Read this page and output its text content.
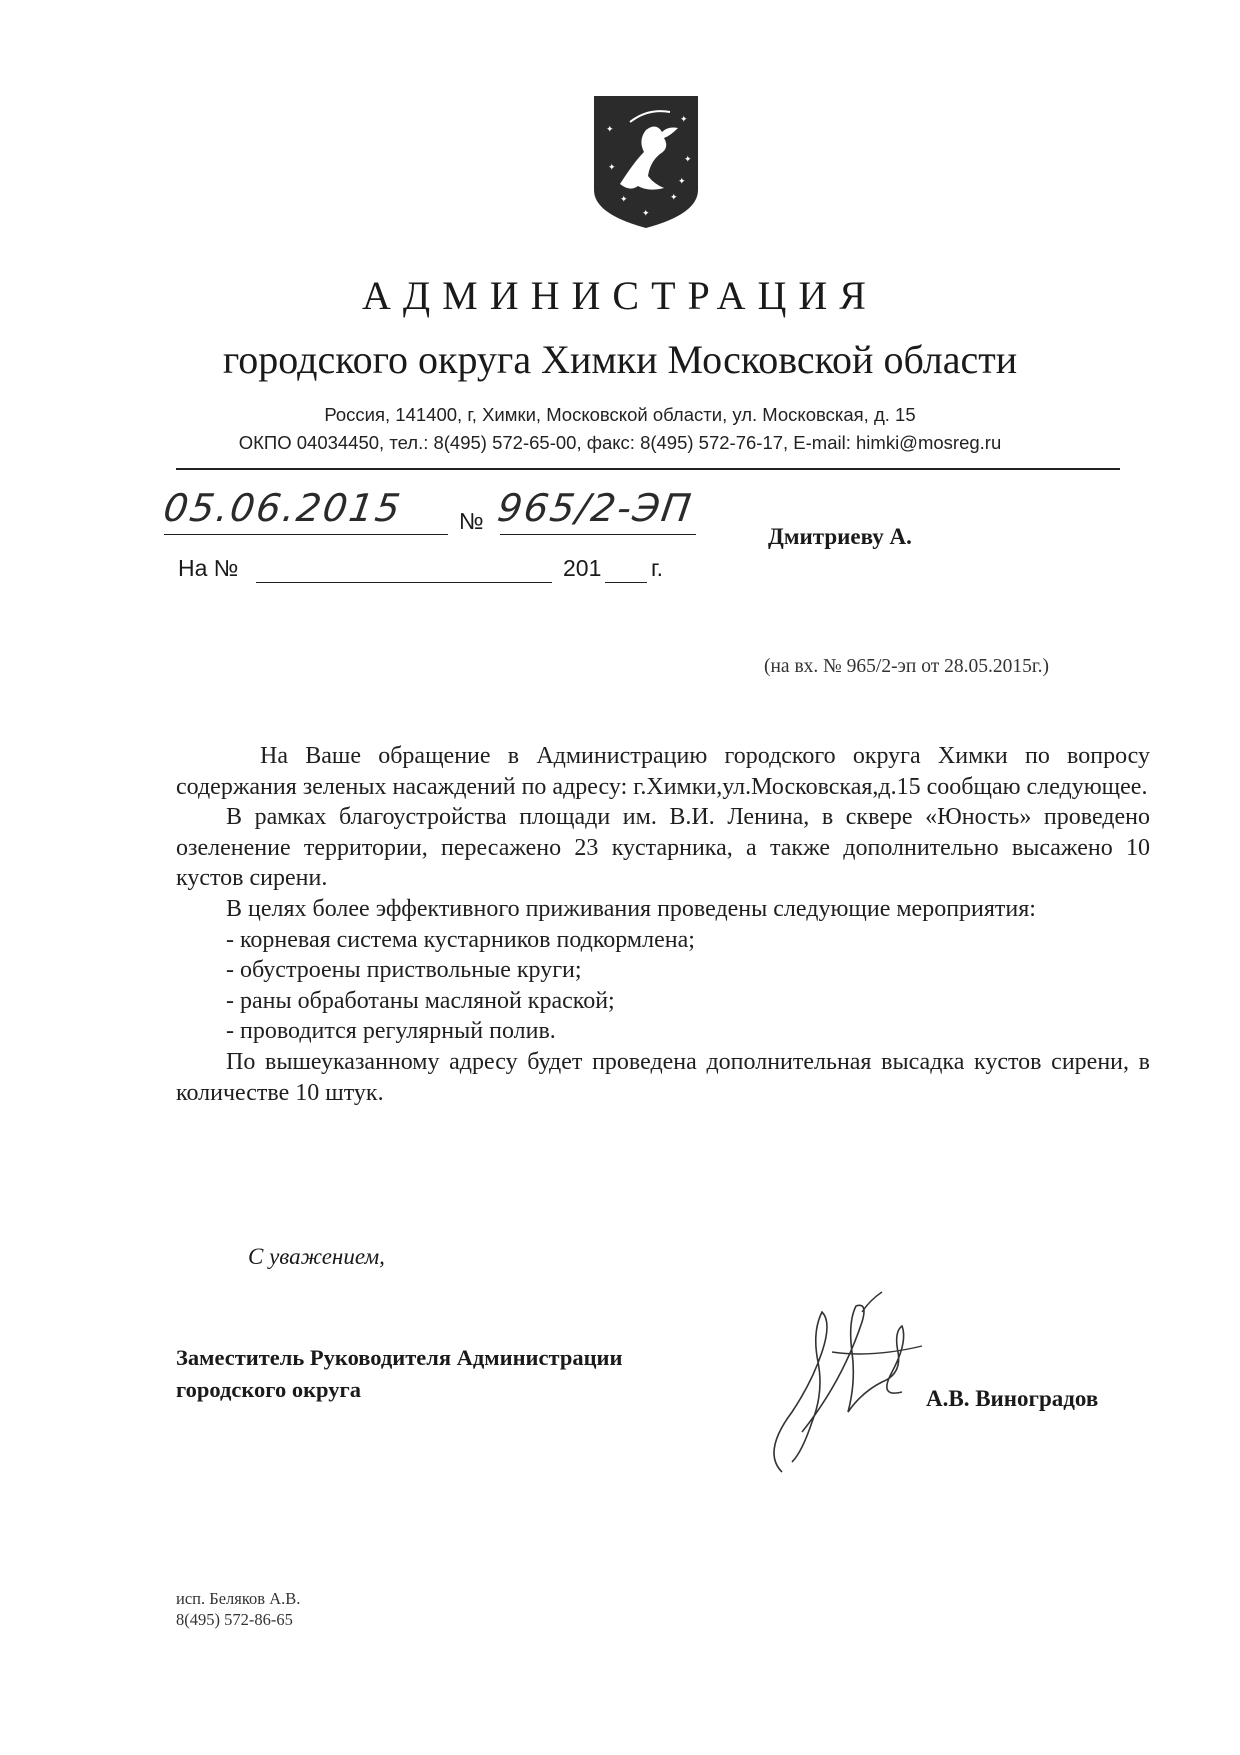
✦
✦
✦
✦
✦	✦
✦
✦
АДМИНИСТРАЦИЯ
городского округа Химки Московской области
Россия, 141400, г, Химки, Московской области, ул. Московская, д. 15
ОКПО 04034450, тел.: 8(495) 572-65-00, факс: 8(495) 572-76-17, E-mail: himki@mosreg.ru
05.06.2015 № 965/2-ЭП
На №	201 г.
Дмитриеву А.
(на вх. № 965/2-эп от 28.05.2015г.)

На Ваше обращение в Администрацию городского округа Химки по вопросу содержания зеленых насаждений по адресу: г.Химки,ул.Московская,д.15 сообщаю следующее.

В рамках благоустройства площади им. В.И. Ленина, в сквере «Юность» проведено озеленение территории, пересажено 23 кустарника, а также дополнительно высажено 10 кустов сирени.

В целях более эффективного приживания проведены следующие мероприятия:

- корневая система кустарников подкормлена;

- обустроены приствольные круги;

- раны обработаны масляной краской;

- проводится регулярный полив.

По вышеуказанному адресу будет проведена дополнительная высадка кустов сирени, в количестве 10 штук.

С уважением,
Заместитель Руководителя Администрации
городского округа	А.В. Виноградов
исп. Беляков А.В.
8(495) 572-86-65
